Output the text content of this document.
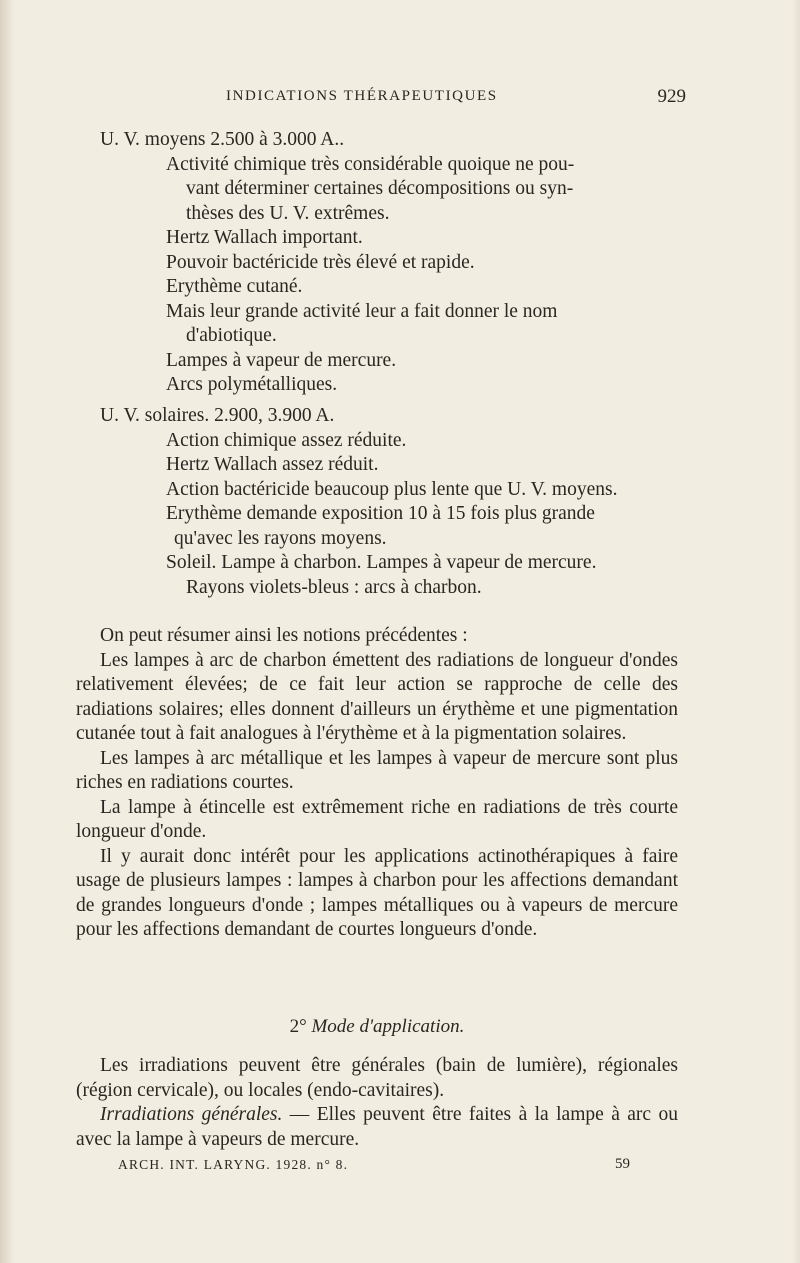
INDICATIONS THÉRAPEUTIQUES	929

U. V. moyens 2.500 à 3.000 A..

Activité chimique très considérable quoique ne pou-

vant déterminer certaines décompositions ou syn-

thèses des U. V. extrêmes.

Hertz Wallach important.

Pouvoir bactéricide très élevé et rapide.

Erythème cutané.

Mais leur grande activité leur a fait donner le nom

d'abiotique.

Lampes à vapeur de mercure.

Arcs polymétalliques.

U. V. solaires. 2.900, 3.900 A.

Action chimique assez réduite.

Hertz Wallach assez réduit.

Action bactéricide beaucoup plus lente que U. V. moyens.

Erythème demande exposition 10 à 15 fois plus grande

qu'avec les rayons moyens.

Soleil. Lampe à charbon. Lampes à vapeur de mercure.

Rayons violets-bleus : arcs à charbon.

On peut résumer ainsi les notions précédentes :

Les lampes à arc de charbon émettent des radiations de longueur d'ondes relativement élevées; de ce fait leur action se rapproche de celle des radiations solaires; elles donnent d'ailleurs un érythème et une pigmentation cutanée tout à fait analogues à l'érythème et à la pigmentation solaires.

Les lampes à arc métallique et les lampes à vapeur de mercure sont plus riches en radiations courtes.

La lampe à étincelle est extrêmement riche en radiations de très courte longueur d'onde.

Il y aurait donc intérêt pour les applications actinothérapiques à faire usage de plusieurs lampes : lampes à charbon pour les affections demandant de grandes longueurs d'onde ; lampes métalliques ou à vapeurs de mercure pour les affections demandant de courtes longueurs d'onde.

2° Mode d'application.

Les irradiations peuvent être générales (bain de lumière), régionales (région cervicale), ou locales (endo-cavitaires).

Irradiations générales. — Elles peuvent être faites à la lampe à arc ou avec la lampe à vapeurs de mercure.

ARCH. INT. LARYNG. 1928. n° 8.	59
